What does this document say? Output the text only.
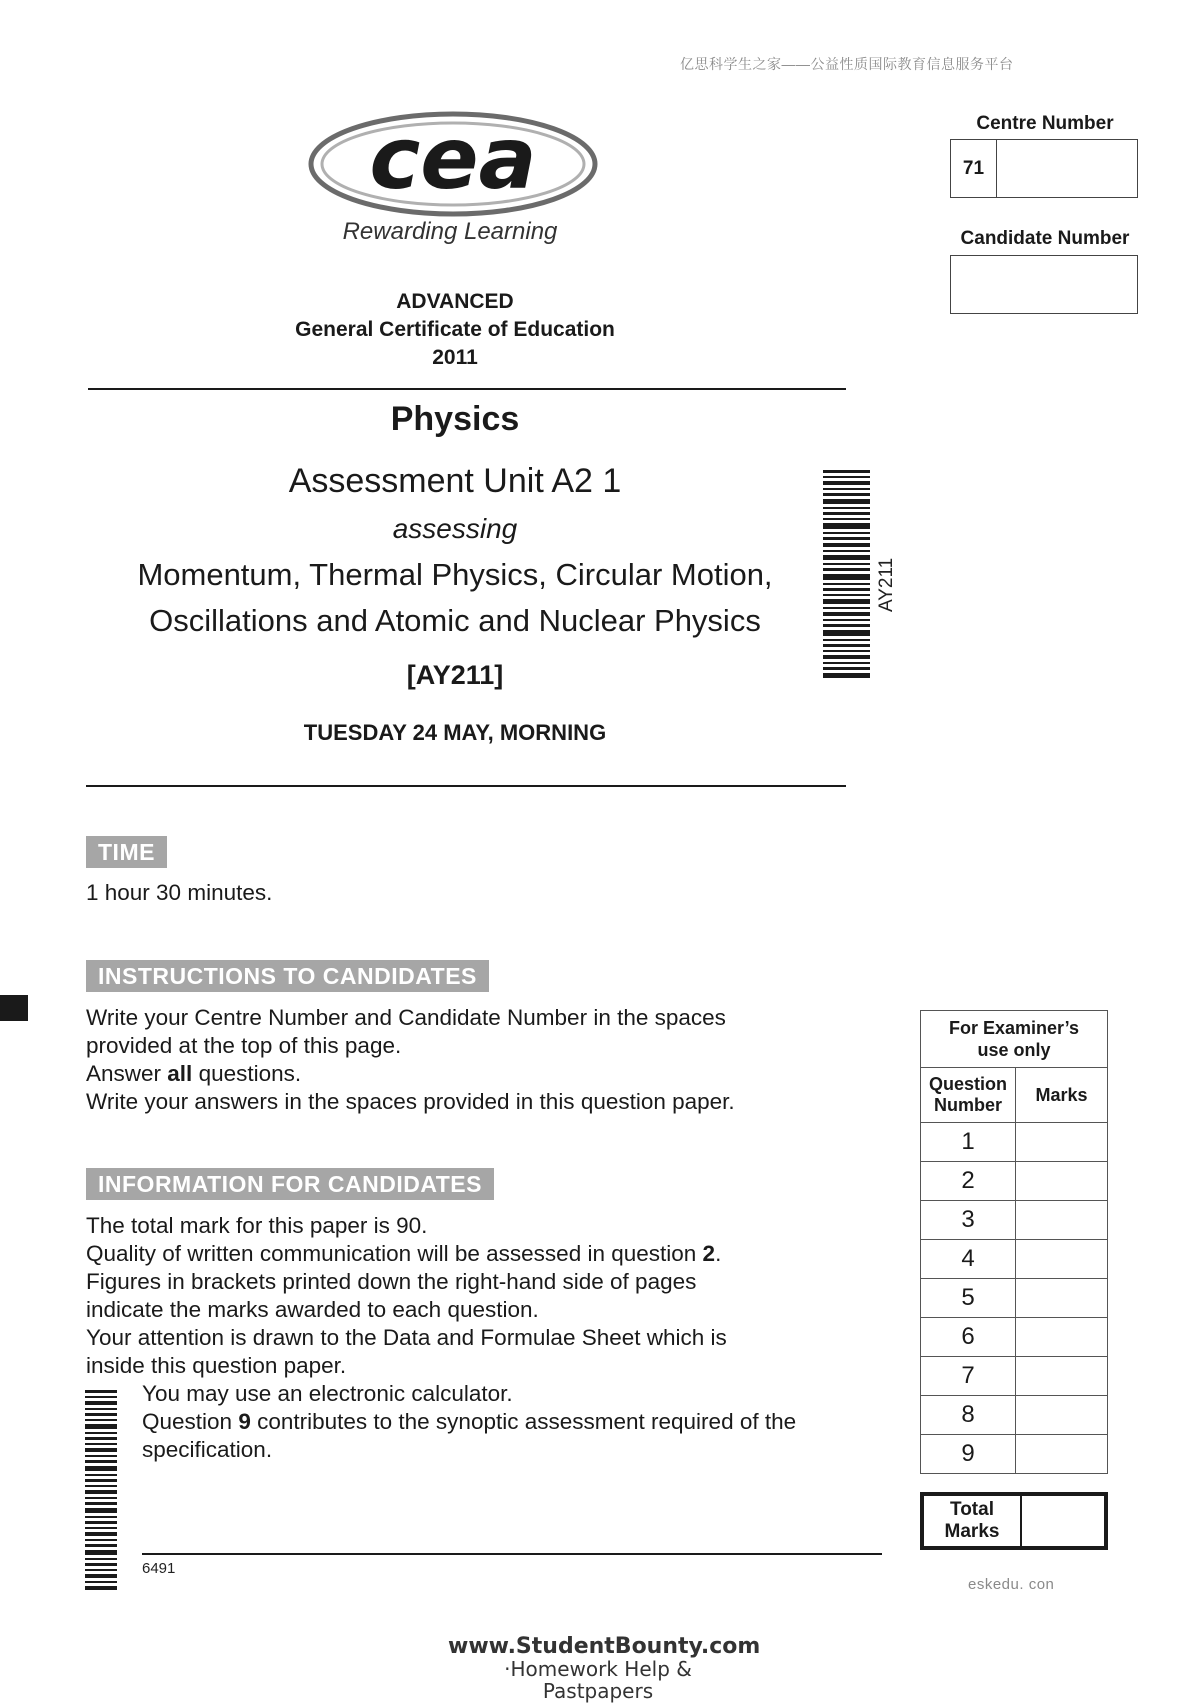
亿思科学生之家——公益性质国际教育信息服务平台
cea
Rewarding Learning
Centre Number
71
Candidate Number
ADVANCED
General Certificate of Education
2011
Physics
Assessment Unit A2 1
assessing
Momentum, Thermal Physics, Circular Motion,
Oscillations and Atomic and Nuclear Physics
[AY211]
TUESDAY 24 MAY, MORNING
AY211
TIME
1 hour 30 minutes.
INSTRUCTIONS TO CANDIDATES
Write your Centre Number and Candidate Number in the spaces
provided at the top of this page.
Answer all questions.
Write your answers in the spaces provided in this question paper.
INFORMATION FOR CANDIDATES
The total mark for this paper is 90.
Quality of written communication will be assessed in question 2.
Figures in brackets printed down the right-hand side of pages
indicate the marks awarded to each question.
Your attention is drawn to the Data and Formulae Sheet which is
inside this question paper.
You may use an electronic calculator.
Question 9 contributes to the synoptic assessment required of the
specification.
For Examiner’s
use only	

Question
Number	Marks
1	
2	
3	
4	
5	
6	
7	
8	
9	
Total
Marks

6491
eskedu. con
www.StudentBounty.com
·Homework Help & Pastpapers
